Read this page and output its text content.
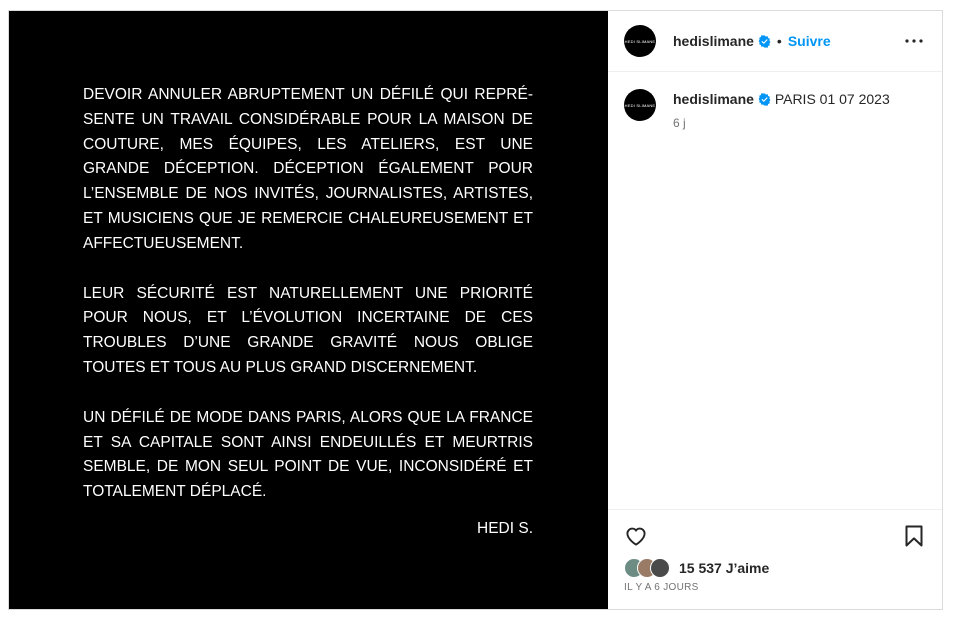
DEVOIR ANNULER ABRUPTEMENT UN DÉFILÉ QUI REPRÉ-SENTE UN TRAVAIL CONSIDÉRABLE POUR LA MAISON DE COUTURE, MES ÉQUIPES, LES ATELIERS, EST UNE GRANDE DÉCEPTION. DÉCEPTION ÉGALEMENT POUR L’ENSEMBLE DE NOS INVITÉS, JOURNALISTES, ARTISTES, ET MUSICIENS QUE JE REMERCIE CHALEUREUSEMENT ET AFFECTUEUSEMENT.

LEUR SÉCURITÉ EST NATURELLEMENT UNE PRIORITÉ POUR NOUS, ET L’ÉVOLUTION INCERTAINE DE CES TROUBLES D’UNE GRANDE GRAVITÉ NOUS OBLIGE TOUTES ET TOUS AU PLUS GRAND DISCERNEMENT.

UN DÉFILÉ DE MODE DANS PARIS, ALORS QUE LA FRANCE ET SA CAPITALE SONT AINSI ENDEUILLÉS ET MEURTRIS SEMBLE, DE MON SEUL POINT DE VUE, INCONSIDÉRÉ ET TOTALEMENT DÉPLACÉ.

HEDI S.
HEDI SLIMANE hedislimane • Suivre
HEDI SLIMANE hedislimane PARIS 01 07 2023
6 j
15 537 J’aime
IL Y A 6 JOURS
